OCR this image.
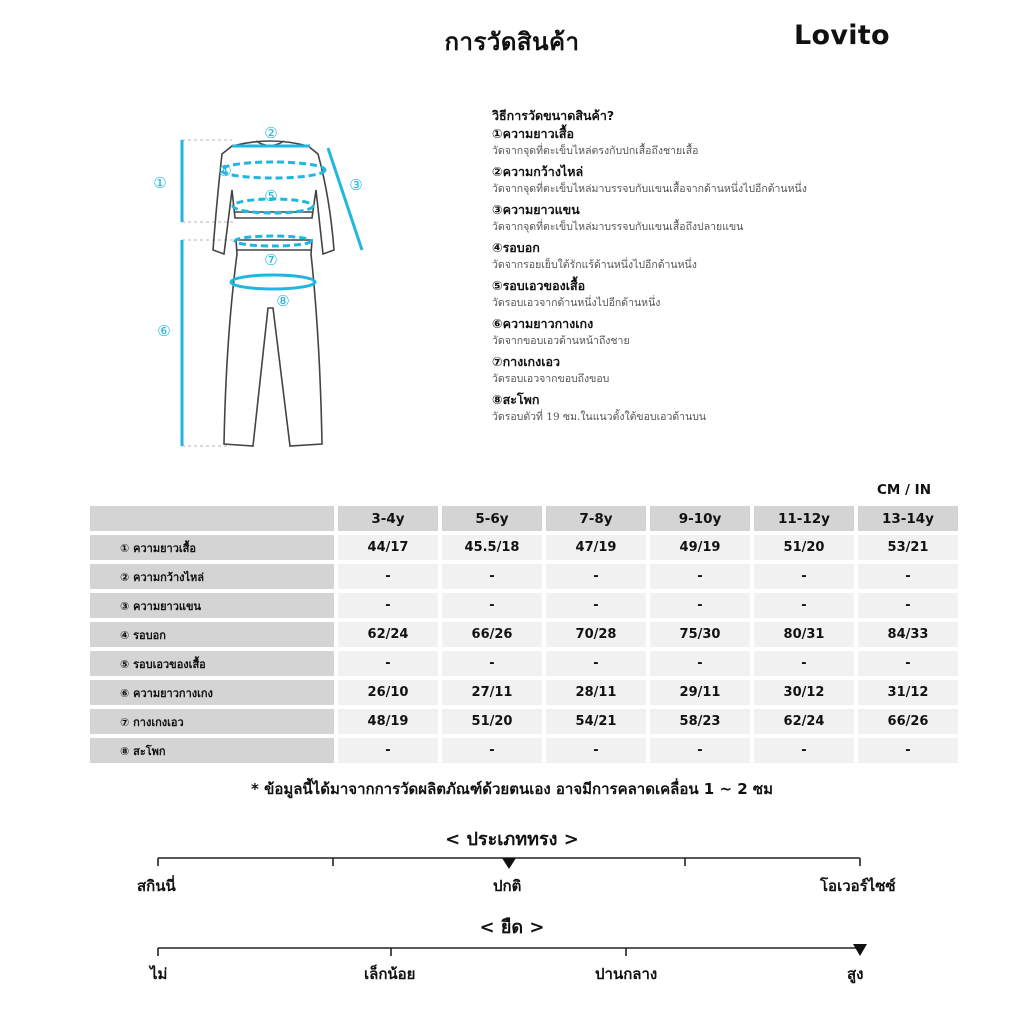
การวัดสินค้า	Lovito
①
②
③
④
⑤
⑥
⑦
⑧
วิธีการวัดขนาดสินค้า?
①ความยาวเสื้อ
วัดจากจุดที่ตะเข็บไหล่ตรงกับปกเสื้อถึงชายเสื้อ
②ความกว้างไหล่
วัดจากจุดที่ตะเข็บไหล่มาบรรจบกับแขนเสื้อจากด้านหนึ่งไปอีกด้านหนึ่ง
③ความยาวแขน
วัดจากจุดที่ตะเข็บไหล่มาบรรจบกับแขนเสื้อถึงปลายแขน
④รอบอก
วัดจากรอยเย็บใต้รักแร้ด้านหนึ่งไปอีกด้านหนึ่ง
⑤รอบเอวของเสื้อ
วัดรอบเอวจากด้านหนึ่งไปอีกด้านหนึ่ง
⑥ความยาวกางเกง
วัดจากขอบเอวด้านหน้าถึงชาย
⑦กางเกงเอว
วัดรอบเอวจากขอบถึงขอบ
⑧สะโพก
วัดรอบตัวที่ 19 ซม.ในแนวตั้งใต้ขอบเอวด้านบน
CM / IN
	3-4y	5-6y	7-8y	9-10y	11-12y	13-14y
① ความยาวเสื้อ	44/17	45.5/18	47/19	49/19	51/20	53/21
② ความกว้างไหล่	-	-	-	-	-	-
③ ความยาวแขน	-	-	-	-	-	-
④ รอบอก	62/24	66/26	70/28	75/30	80/31	84/33
⑤ รอบเอวของเสื้อ	-	-	-	-	-	-
⑥ ความยาวกางเกง	26/10	27/11	28/11	29/11	30/12	31/12
⑦ กางเกงเอว	48/19	51/20	54/21	58/23	62/24	66/26
⑧ สะโพก	-	-	-	-	-	-
* ข้อมูลนี้ได้มาจากการวัดผลิตภัณฑ์ด้วยตนเอง อาจมีการคลาดเคลื่อน 1 ~ 2 ซม
< ประเภททรง >
สกินนี่	ปกติ	โอเวอร์ไซซ์
< ยืด >
ไม่	เล็กน้อย	ปานกลาง	สูง
